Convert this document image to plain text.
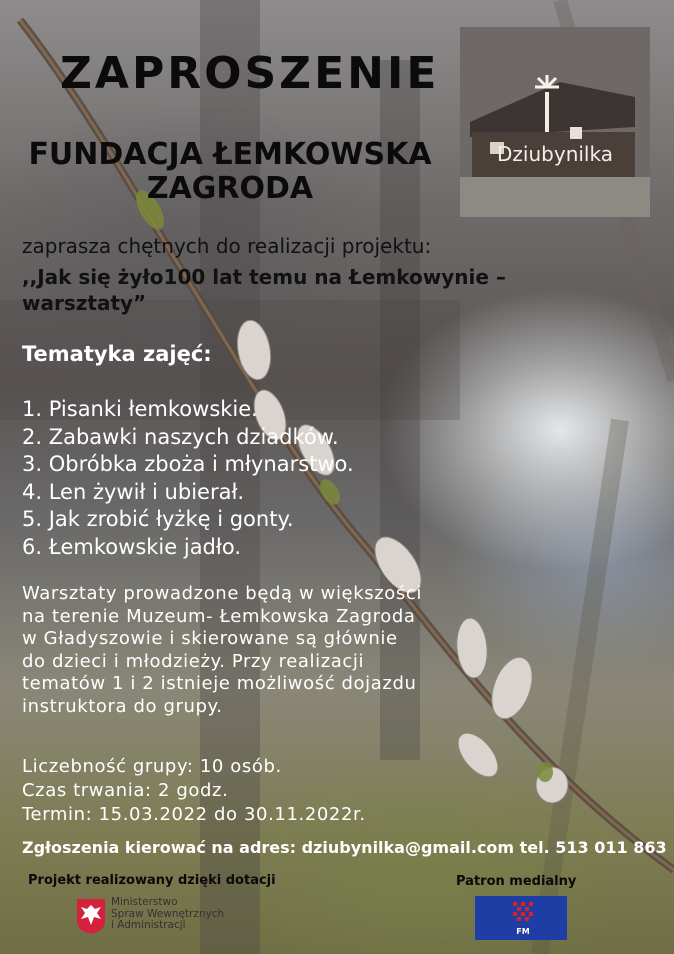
Dziubynilka
ZAPROSZENIE
FUNDACJA ŁEMKOWSKA
ZAGRODA
zaprasza chętnych do realizacji projektu:
,,Jak się żyło100 lat temu na Łemkowynie –
warsztaty”
Tematyka zajęć:
1. Pisanki łemkowskie.
2. Zabawki naszych dziadków.
3. Obróbka zboża i młynarstwo.
4. Len żywił i ubierał.
5. Jak zrobić łyżkę i gonty.
6. Łemkowskie jadło.
Warsztaty prowadzone będą w większości
na terenie Muzeum- Łemkowska Zagroda
w Gładyszowie i skierowane są głównie
do dzieci i młodzieży. Przy realizacji
tematów 1 i 2 istnieje możliwość dojazdu
instruktora do grupy.
Liczebność grupy: 10 osób.
Czas trwania: 2 godz.
Termin: 15.03.2022 do 30.11.2022r.
Zgłoszenia kierować na adres: dziubynilka@gmail.com tel. 513 011 863
Projekt realizowany dzięki dotacji
Ministerstwo
Spraw Wewnętrznych
i Administracji
Patron medialny
FM
